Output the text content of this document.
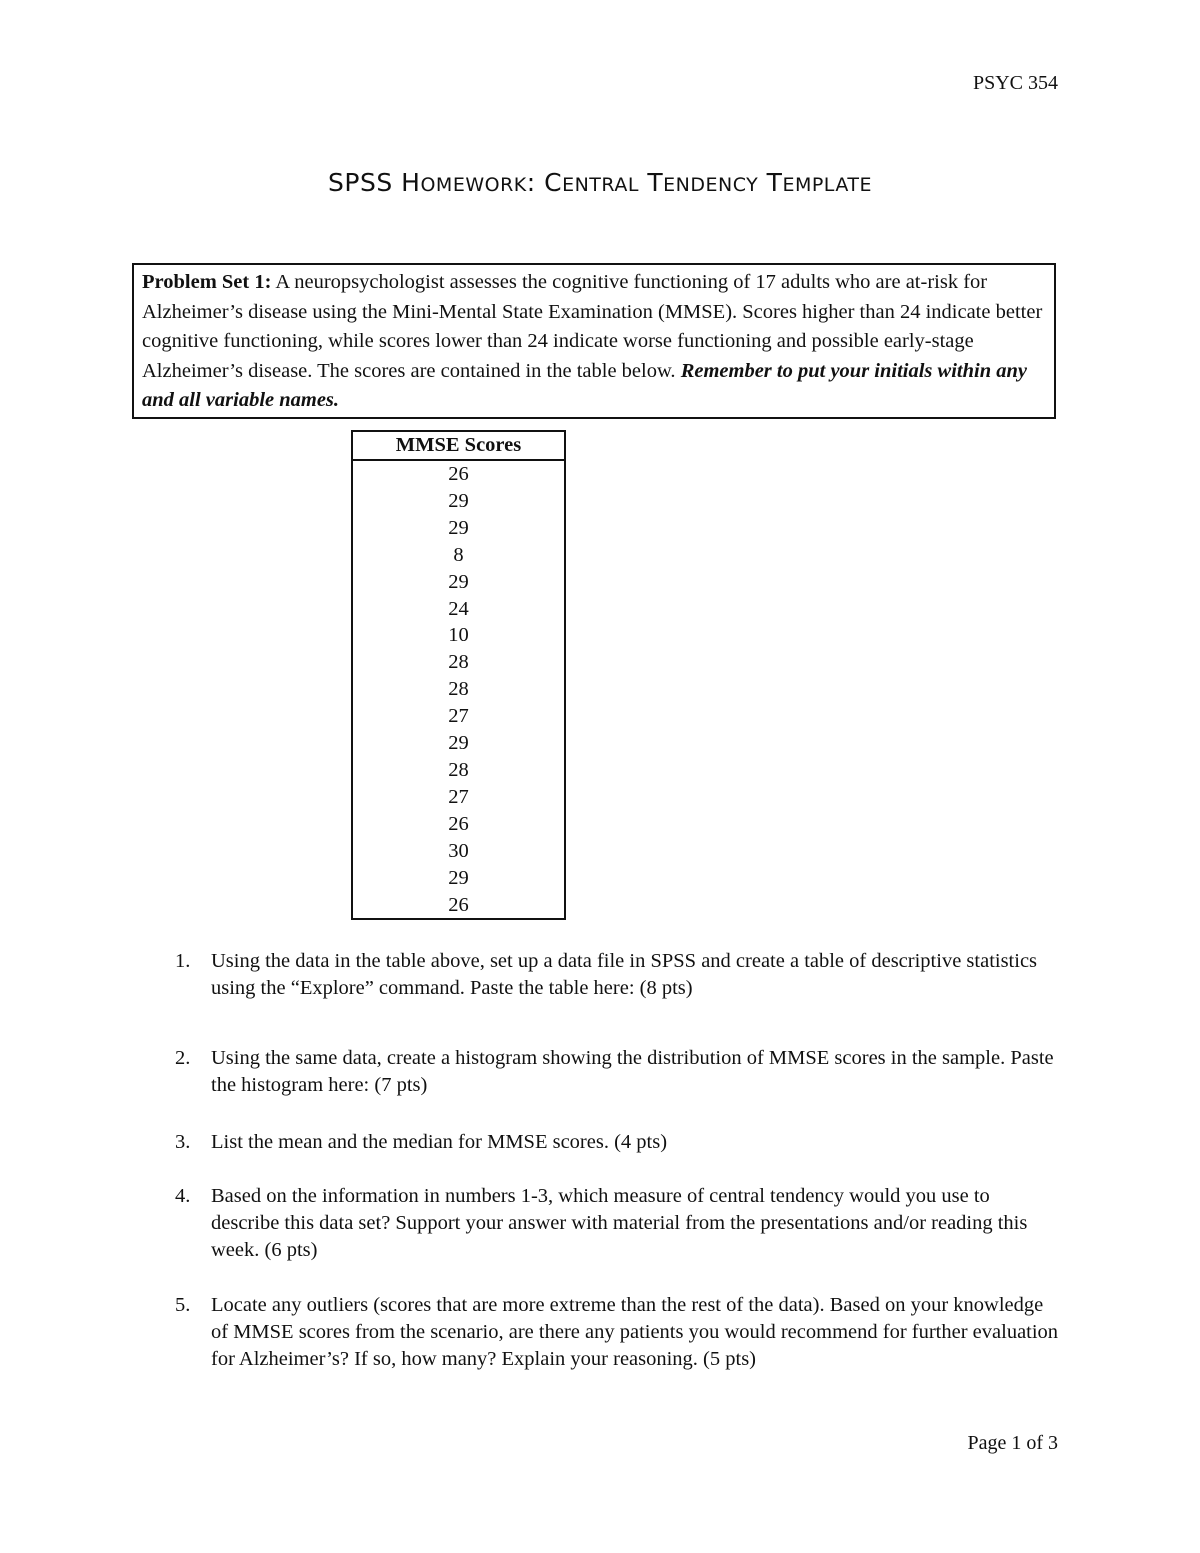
PSYC 354
SPSS HOMEWORK: CENTRAL TENDENCY TEMPLATE
Problem Set 1: A neuropsychologist assesses the cognitive functioning of 17 adults who are at-risk for Alzheimer’s disease using the Mini-Mental State Examination (MMSE). Scores higher than 24 indicate better cognitive functioning, while scores lower than 24 indicate worse functioning and possible early-stage Alzheimer’s disease. The scores are contained in the table below. Remember to put your initials within any and all variable names.
MMSE Scores
26
29
29
8
29
24
10
28
28
27
29
28
27
26
30
29
26
1. Using the data in the table above, set up a data file in SPSS and create a table of descriptive statistics using the “Explore” command. Paste the table here: (8 pts)
2. Using the same data, create a histogram showing the distribution of MMSE scores in the sample. Paste the histogram here: (7 pts)
3. List the mean and the median for MMSE scores. (4 pts)
4. Based on the information in numbers 1-3, which measure of central tendency would you use to describe this data set? Support your answer with material from the presentations and/or reading this week. (6 pts)
5. Locate any outliers (scores that are more extreme than the rest of the data). Based on your knowledge of MMSE scores from the scenario, are there any patients you would recommend for further evaluation for Alzheimer’s? If so, how many? Explain your reasoning. (5 pts)
Page 1 of 3
